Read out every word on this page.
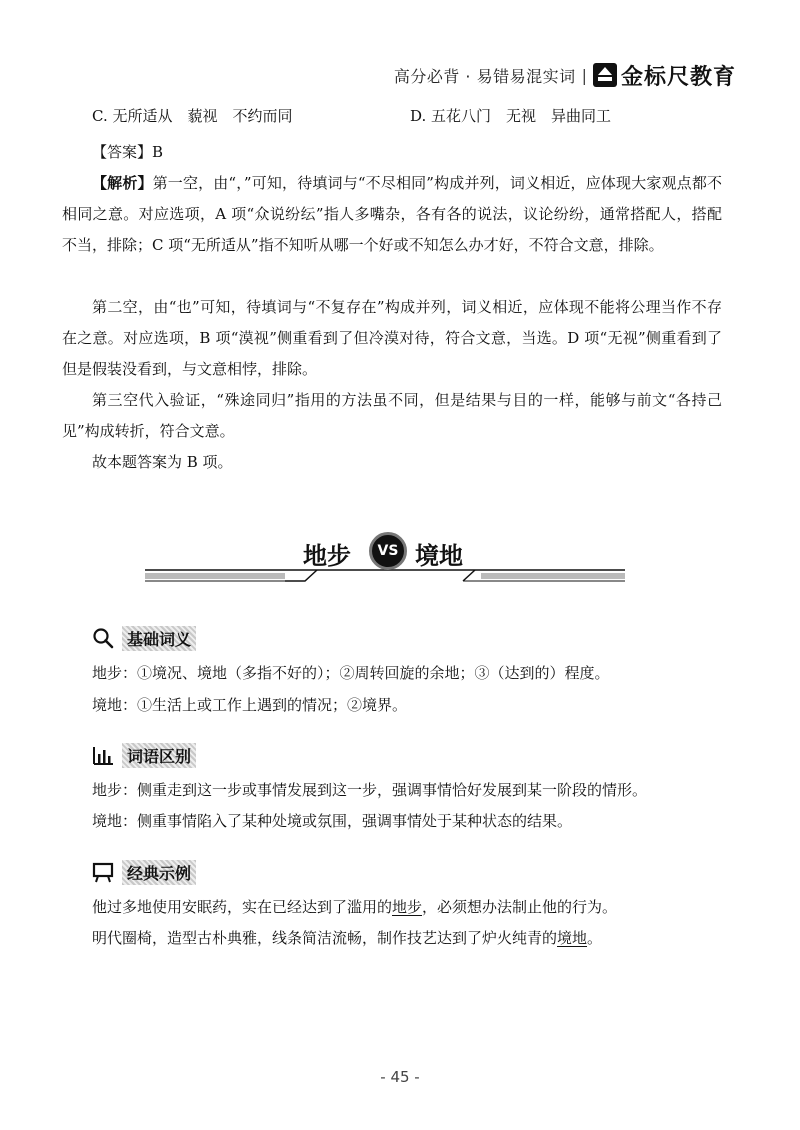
高分必背 · 易错易混实词 | 金标尺教育
C. 无所适从　藐视　不约而同	D. 五花八门　无视　异曲同工
【答案】B
【解析】第一空，由“，”可知，待填词与“不尽相同”构成并列，词义相近，应体现大家观点都不相同之意。对应选项，A 项“众说纷纭”指人多嘴杂，各有各的说法，议论纷纷，通常搭配人，搭配不当，排除；C 项“无所适从”指不知听从哪一个好或不知怎么办才好，不符合文意，排除。
第二空，由“也”可知，待填词与“不复存在”构成并列，词义相近，应体现不能将公理当作不存在之意。对应选项，B 项“漠视”侧重看到了但冷漠对待，符合文意，当选。D 项“无视”侧重看到了但是假装没看到，与文意相悖，排除。
第三空代入验证，“殊途同归”指用的方法虽不同，但是结果与目的一样，能够与前文“各持己见”构成转折，符合文意。
故本题答案为 B 项。
地步	VS 境地
基础词义
地步：①境况、境地（多指不好的）；②周转回旋的余地；③（达到的）程度。
境地：①生活上或工作上遇到的情况；②境界。
词语区别
地步：侧重走到这一步或事情发展到这一步，强调事情恰好发展到某一阶段的情形。
境地：侧重事情陷入了某种处境或氛围，强调事情处于某种状态的结果。
经典示例
他过多地使用安眠药，实在已经达到了滥用的地步，必须想办法制止他的行为。
明代圈椅，造型古朴典雅，线条简洁流畅，制作技艺达到了炉火纯青的境地。
- 45 -
